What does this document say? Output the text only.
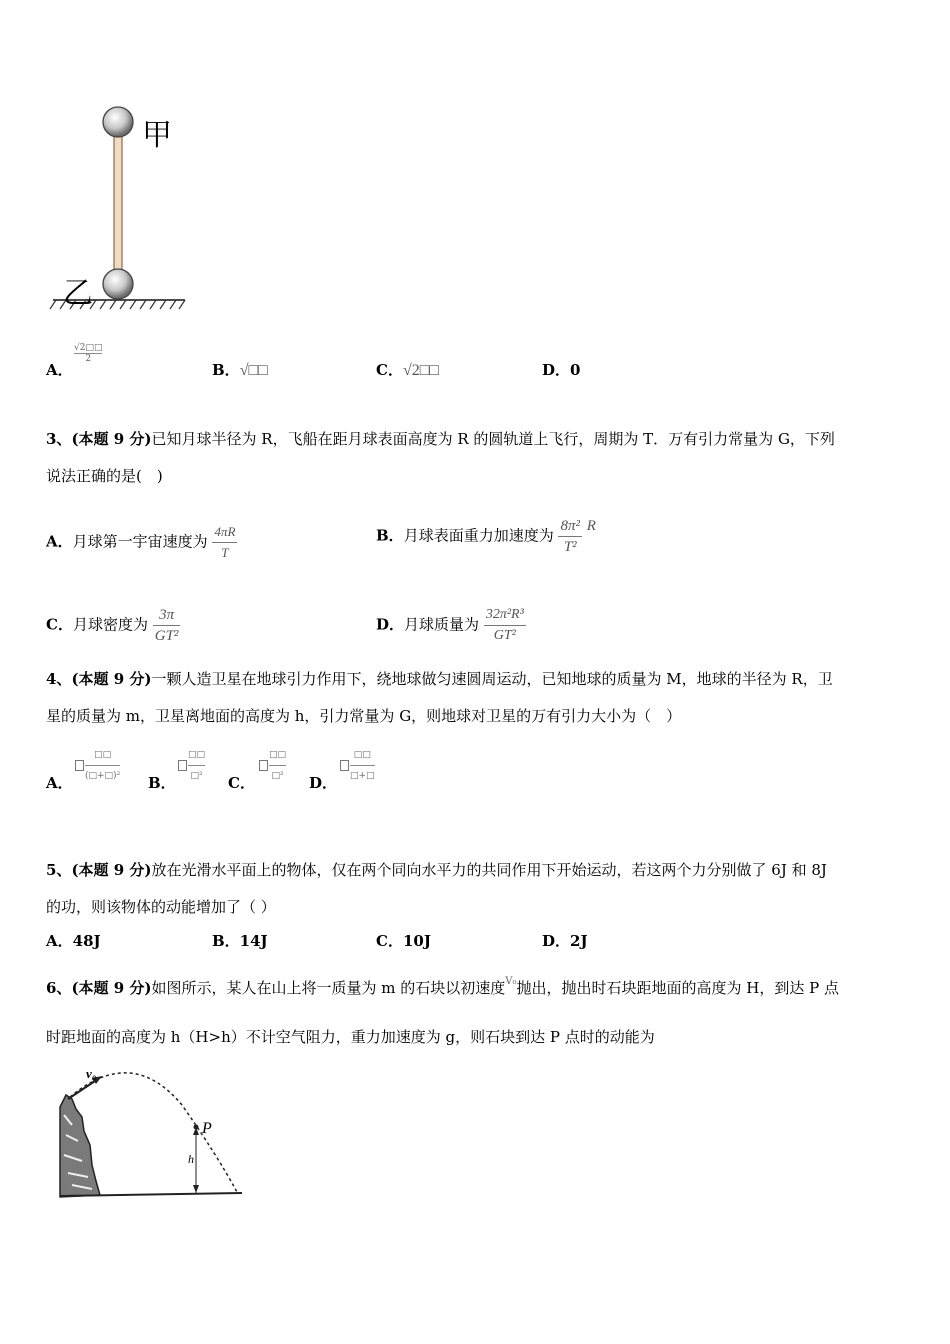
甲
乙
A．
$\frac{√2□□}{2}$
B．√□□	C．√2□□	D．0
3、(本题 9 分)已知月球半径为 R，飞船在距月球表面高度为 R 的圆轨道上飞行，周期为 T．万有引力常量为 G，下列
说法正确的是(　)
A．月球第一宇宙速度为 $\frac{4\pi R}{T}$	B．月球表面重力加速度为 $\frac{\text{8π²}}{\text{T²}}$ R
C．月球密度为 $\frac{3\pi}{\text{GT²}}$	D．月球质量为 $\frac{\text{32π²R³}}{\text{GT²}}$
4、(本题 9 分)一颗人造卫星在地球引力作用下，绕地球做匀速圆周运动，已知地球的质量为 M，地球的半径为 R，卫
星的质量为 m，卫星离地面的高度为 h，引力常量为 G，则地球对卫星的万有引力大小为（　）
A． $\frac{□□}{\text{(□+□)²}}$ B． $\frac{□□}{\text{□²}}$ C． $\frac{□□}{\text{□²}}$ D． $\frac{□□}{□+□}$
5、(本题 9 分)放在光滑水平面上的物体，仅在两个同向水平力的共同作用下开始运动，若这两个力分别做了 6J 和 8J
的功，则该物体的动能增加了（ ）
A．48J	B．14J	C．10J	D．2J
6、(本题 9 分)如图所示，某人在山上将一质量为 m 的石块以初速度$^{V_0}$抛出，抛出时石块距地面的高度为 H，到达 P 点
时距地面的高度为 h（H>h）不计空气阻力，重力加速度为 g，则石块到达 P 点时的动能为
v₀
P
h
